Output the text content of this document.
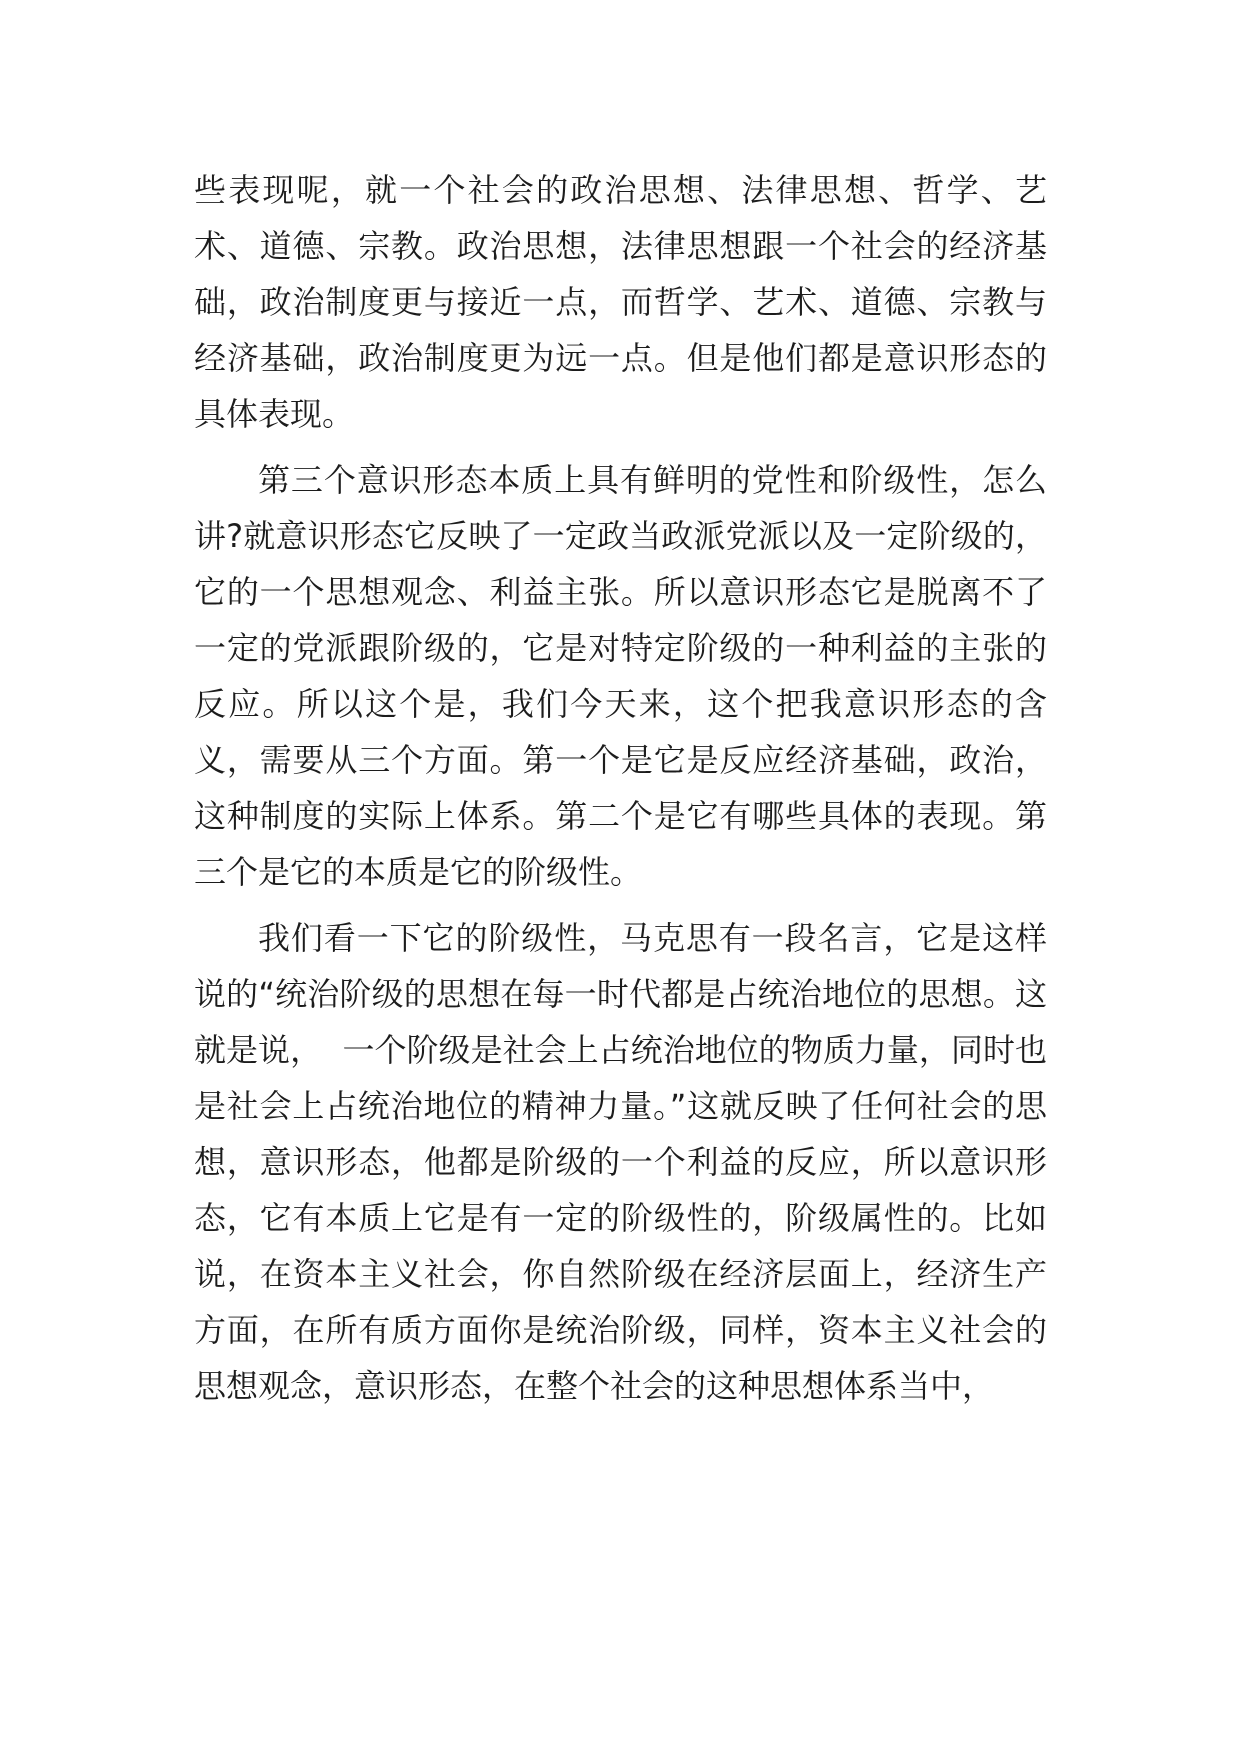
些表现呢，就一个社会的政治思想、法律思想、哲学、艺术、道德、宗教。政治思想，法律思想跟一个社会的经济基础，政治制度更与接近一点，而哲学、艺术、道德、宗教与经济基础，政治制度更为远一点。但是他们都是意识形态的具体表现。

第三个意识形态本质上具有鲜明的党性和阶级性，怎么讲?就意识形态它反映了一定政当政派党派以及一定阶级的，它的一个思想观念、利益主张。所以意识形态它是脱离不了一定的党派跟阶级的，它是对特定阶级的一种利益的主张的反应。所以这个是，我们今天来，这个把我意识形态的含义，需要从三个方面。第一个是它是反应经济基础，政治，这种制度的实际上体系。第二个是它有哪些具体的表现。第三个是它的本质是它的阶级性。

我们看一下它的阶级性，马克思有一段名言，它是这样说的“统治阶级的思想在每一时代都是占统治地位的思想。这就是说，  一个阶级是社会上占统治地位的物质力量，同时也是社会上占统治地位的精神力量。”这就反映了任何社会的思想，意识形态，他都是阶级的一个利益的反应，所以意识形态，它有本质上它是有一定的阶级性的，阶级属性的。比如说，在资本主义社会，你自然阶级在经济层面上，经济生产方面，在所有质方面你是统治阶级，同样，资本主义社会的思想观念，意识形态，在整个社会的这种思想体系当中，
